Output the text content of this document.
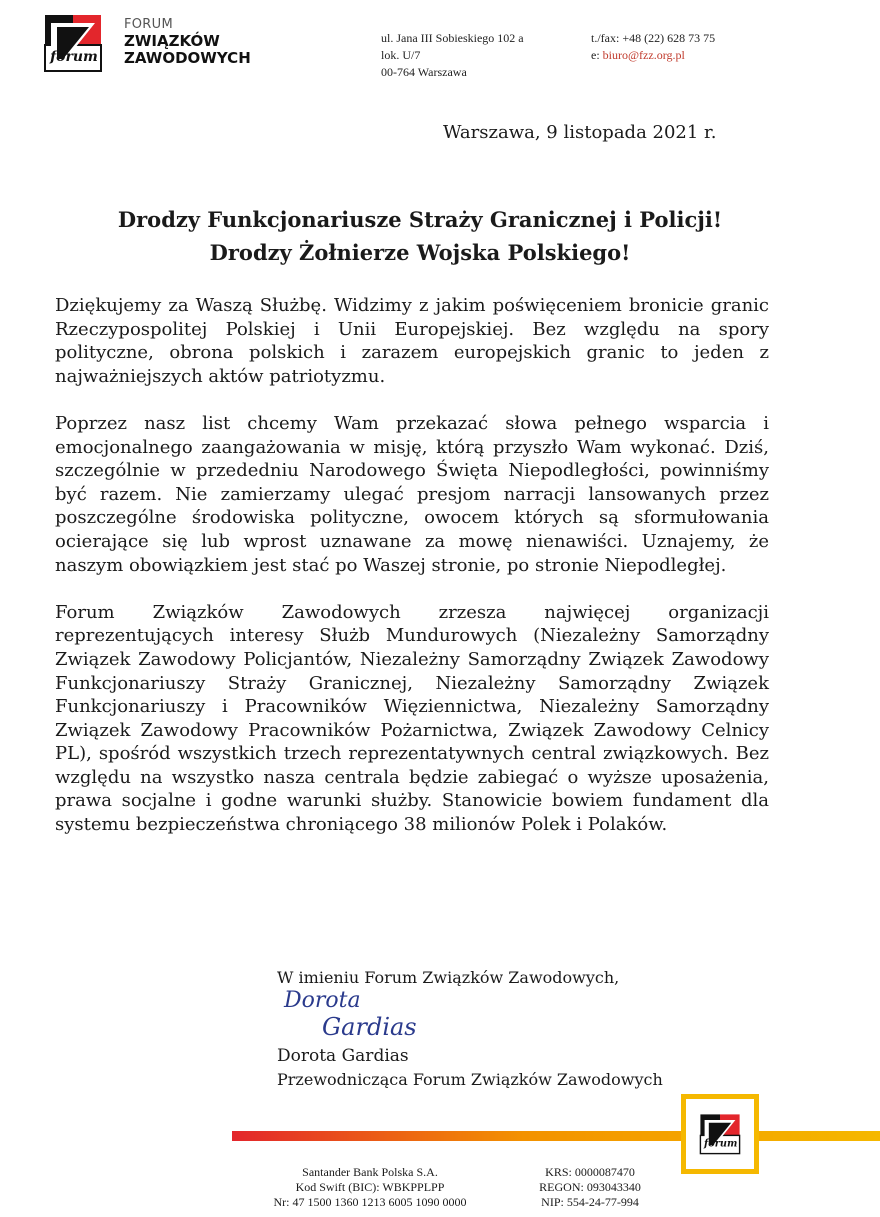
forum
FORUM
ZWIĄZKÓW
ZAWODOWYCH
ul. Jana III Sobieskiego 102 a
lok. U/7
00-764 Warszawa
t./fax: +48 (22) 628 73 75
e: biuro@fzz.org.pl
Warszawa, 9 listopada 2021 r.
Drodzy Funkcjonariusze Straży Granicznej i Policji!
Drodzy Żołnierze Wojska Polskiego!

Dziękujemy za Waszą Służbę. Widzimy z jakim poświęceniem bronicie granic Rzeczypospolitej Polskiej i Unii Europejskiej. Bez względu na spory polityczne, obrona polskich i zarazem europejskich granic to jeden z najważniejszych aktów patriotyzmu.

Poprzez nasz list chcemy Wam przekazać słowa pełnego wsparcia i emocjonalnego zaangażowania w misję, którą przyszło Wam wykonać. Dziś, szczególnie w przededniu Narodowego Święta Niepodległości, powinniśmy być razem. Nie zamierzamy ulegać presjom narracji lansowanych przez poszczególne środowiska polityczne, owocem których są sformułowania ocierające się lub wprost uznawane za mowę nienawiści. Uznajemy, że naszym obowiązkiem jest stać po Waszej stronie, po stronie Niepodległej.

Forum Związków Zawodowych zrzesza najwięcej organizacji reprezentujących interesy Służb Mundurowych (Niezależny Samorządny Związek Zawodowy Policjantów, Niezależny Samorządny Związek Zawodowy Funkcjonariuszy Straży Granicznej, Niezależny Samorządny Związek Funkcjonariuszy i Pracowników Więziennictwa, Niezależny Samorządny Związek Zawodowy Pracowników Pożarnictwa, Związek Zawodowy Celnicy PL), spośród wszystkich trzech reprezentatywnych central związkowych. Bez względu na wszystko nasza centrala będzie zabiegać o wyższe uposażenia, prawa socjalne i godne warunki służby. Stanowicie bowiem fundament dla systemu bezpieczeństwa chroniącego 38 milionów Polek i Polaków.

W imieniu Forum Związków Zawodowych,
Dorota
Gardias
Dorota Gardias
Przewodnicząca Forum Związków Zawodowych
forum
Santander Bank Polska S.A.
Kod Swift (BIC): WBKPPLPP
Nr: 47 1500 1360 1213 6005 1090 0000
KRS: 0000087470
REGON: 093043340
NIP: 554-24-77-994
